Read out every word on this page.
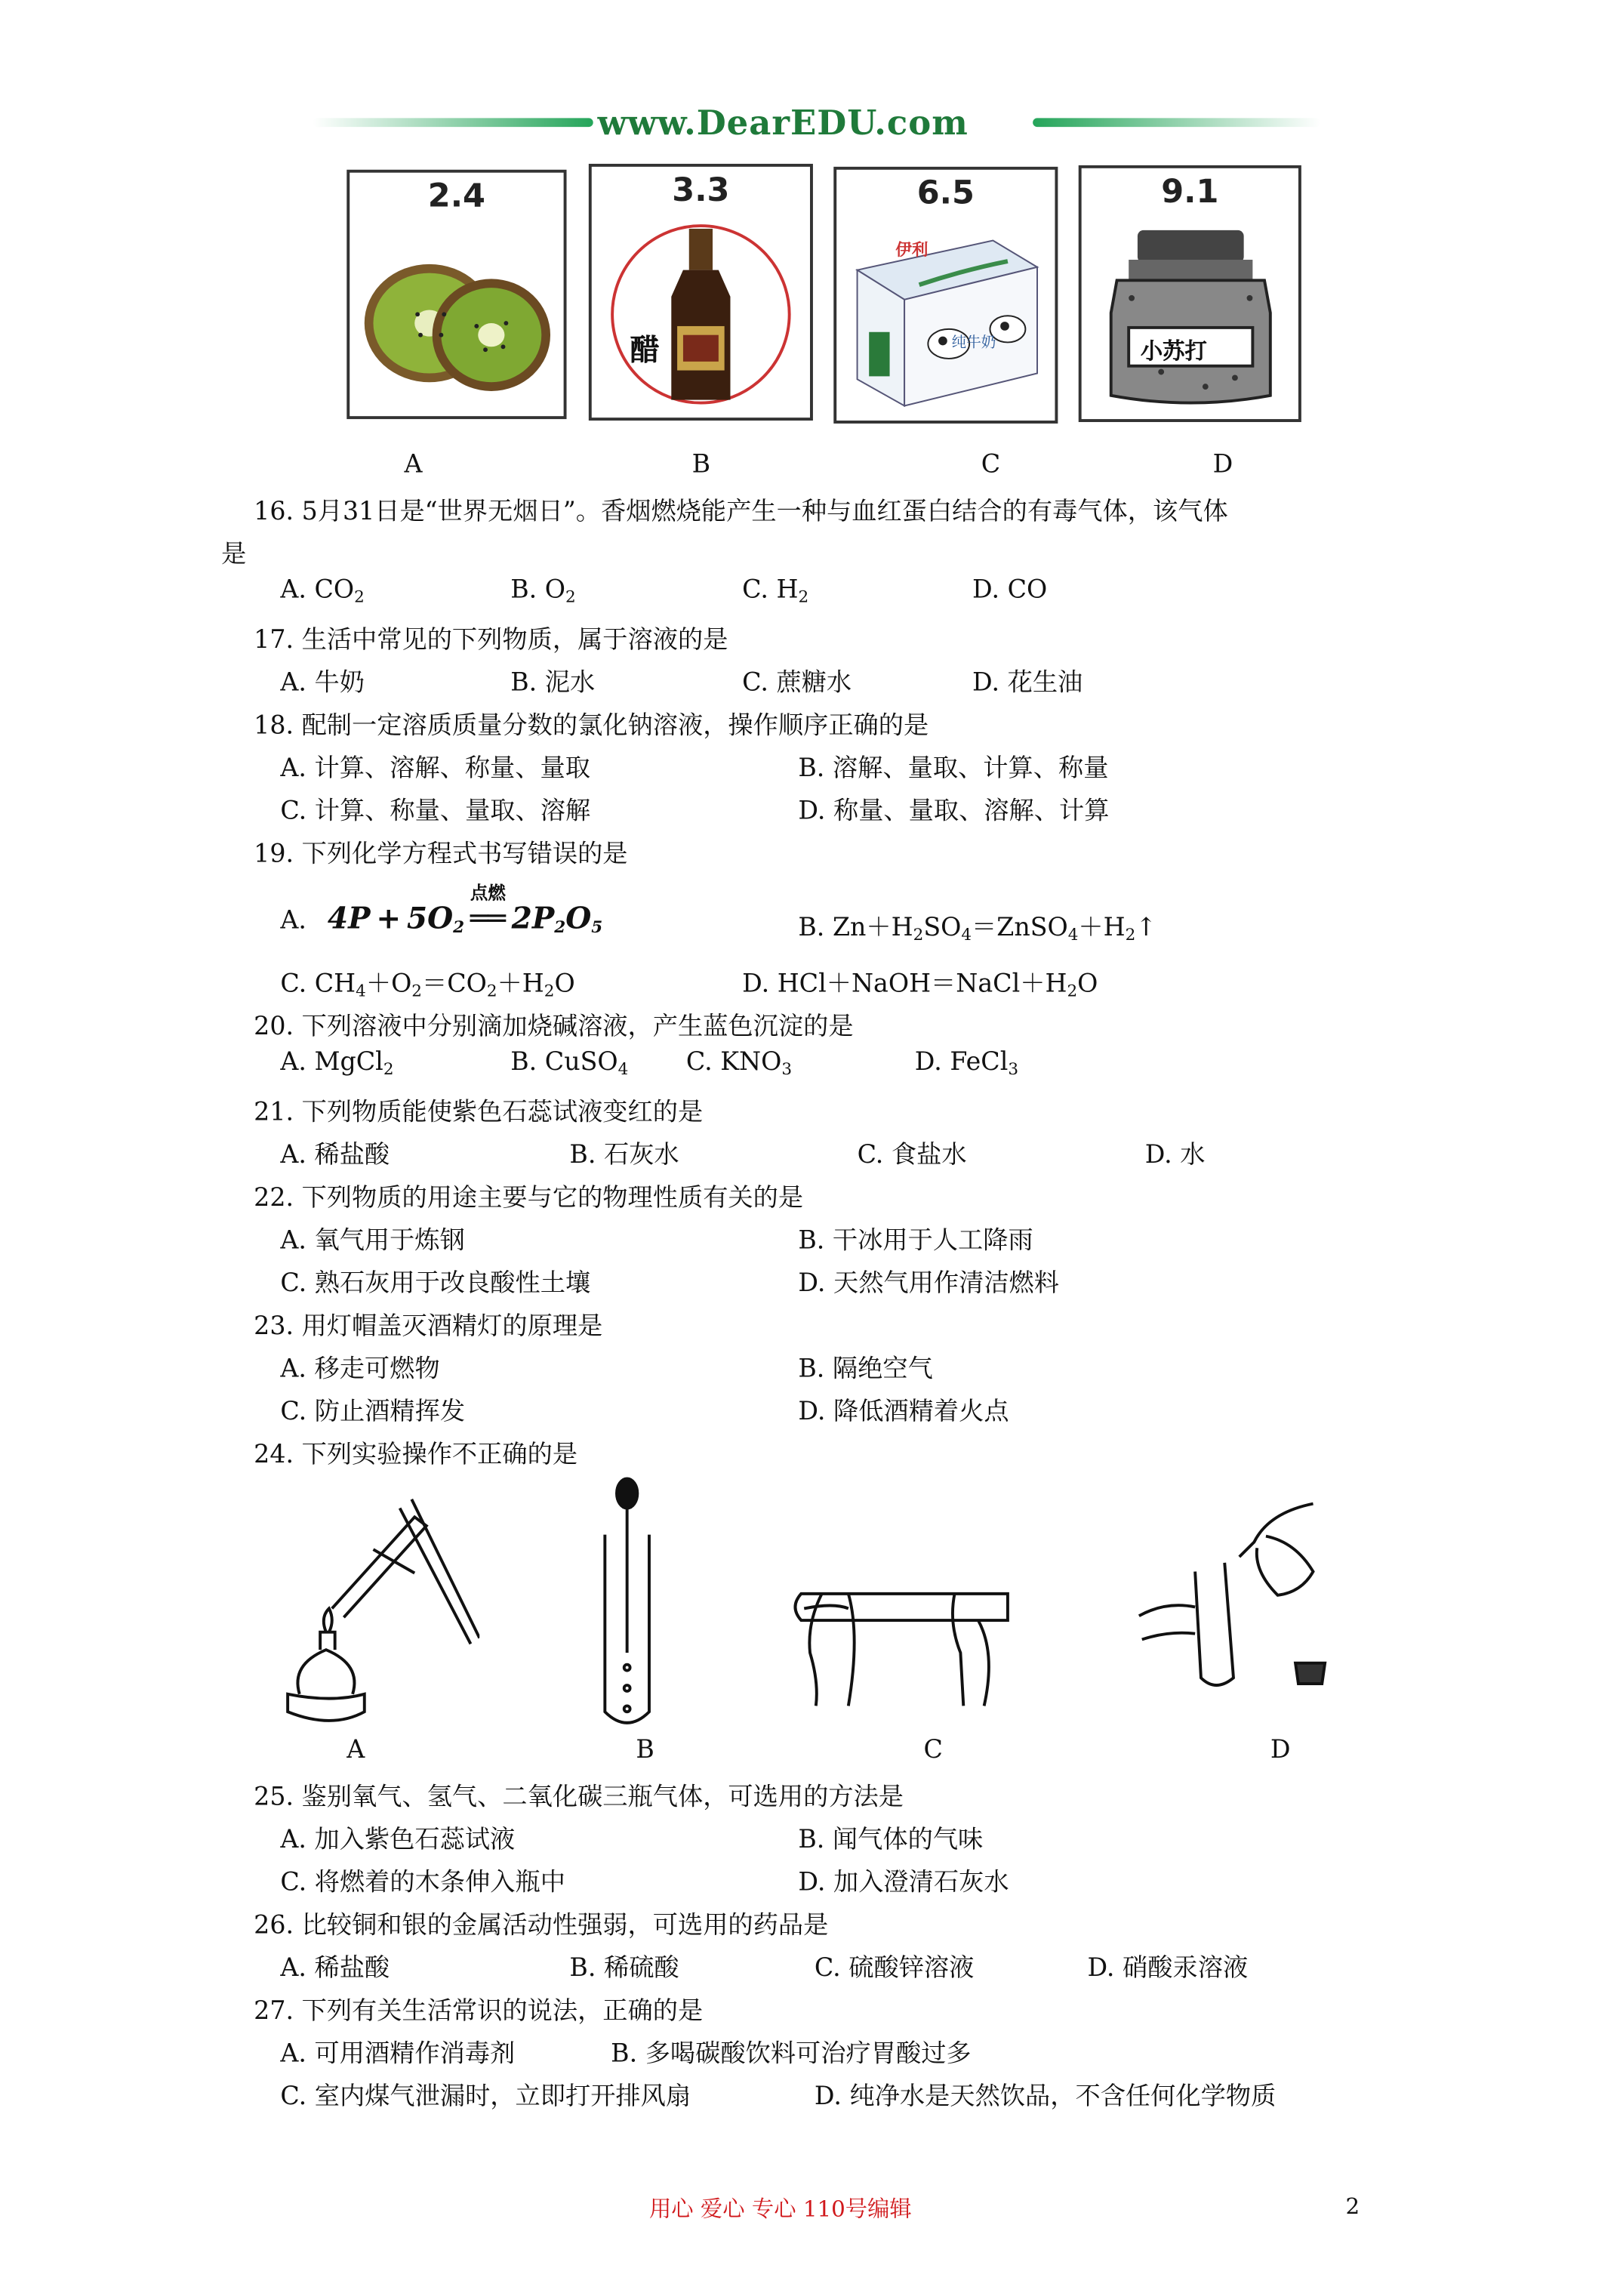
www.DearEDU.com
2.4	3.3
醋
6.5
伊利
纯牛奶
9.1
小苏打
A	B	C	D
16. 5月31日是“世界无烟日”。香烟燃烧能产生一种与血红蛋白结合的有毒气体，该气体
是
A. $CO_2$	B. $O_2$	C. $H_2$	D. CO
17. 生活中常见的下列物质，属于溶液的是
A. 牛奶	B. 泥水	C. 蔗糖水	D. 花生油
18. 配制一定溶质质量分数的氯化钠溶液，操作顺序正确的是
A. 计算、溶解、称量、量取	B. 溶解、量取、计算、称量
C. 计算、称量、量取、溶解	D. 称量、量取、溶解、计算
19. 下列化学方程式书写错误的是
A. $4P + 5O_2$
点燃
══ $2P_2O_5$	B. $Zn+H_2SO_4=ZnSO_4+H_2↑$
C. $CH_4+O_2=CO_2+H_2O$	D. $HCl+NaOH=NaCl+H_2O$
20. 下列溶液中分别滴加烧碱溶液，产生蓝色沉淀的是
A. MgCl$_2$	B. CuSO$_4$	C. $KNO_3$	D. FeCl$_3$
21. 下列物质能使紫色石蕊试液变红的是
A. 稀盐酸	B. 石灰水	C. 食盐水	D. 水
22. 下列物质的用途主要与它的物理性质有关的是
A. 氧气用于炼钢	B. 干冰用于人工降雨
C. 熟石灰用于改良酸性土壤	D. 天然气用作清洁燃料
23. 用灯帽盖灭酒精灯的原理是
A. 移走可燃物	B. 隔绝空气
C. 防止酒精挥发	D. 降低酒精着火点
24. 下列实验操作不正确的是
A	B	C	D
25. 鉴别氧气、氢气、二氧化碳三瓶气体，可选用的方法是
A. 加入紫色石蕊试液	B. 闻气体的气味
C. 将燃着的木条伸入瓶中	D. 加入澄清石灰水
26. 比较铜和银的金属活动性强弱，可选用的药品是
A. 稀盐酸	B. 稀硫酸	C. 硫酸锌溶液	D. 硝酸汞溶液
27. 下列有关生活常识的说法，正确的是
A. 可用酒精作消毒剂	B. 多喝碳酸饮料可治疗胃酸过多
C. 室内煤气泄漏时，立即打开排风扇	D. 纯净水是天然饮品，不含任何化学物质
用心 爱心 专心 110号编辑	2
